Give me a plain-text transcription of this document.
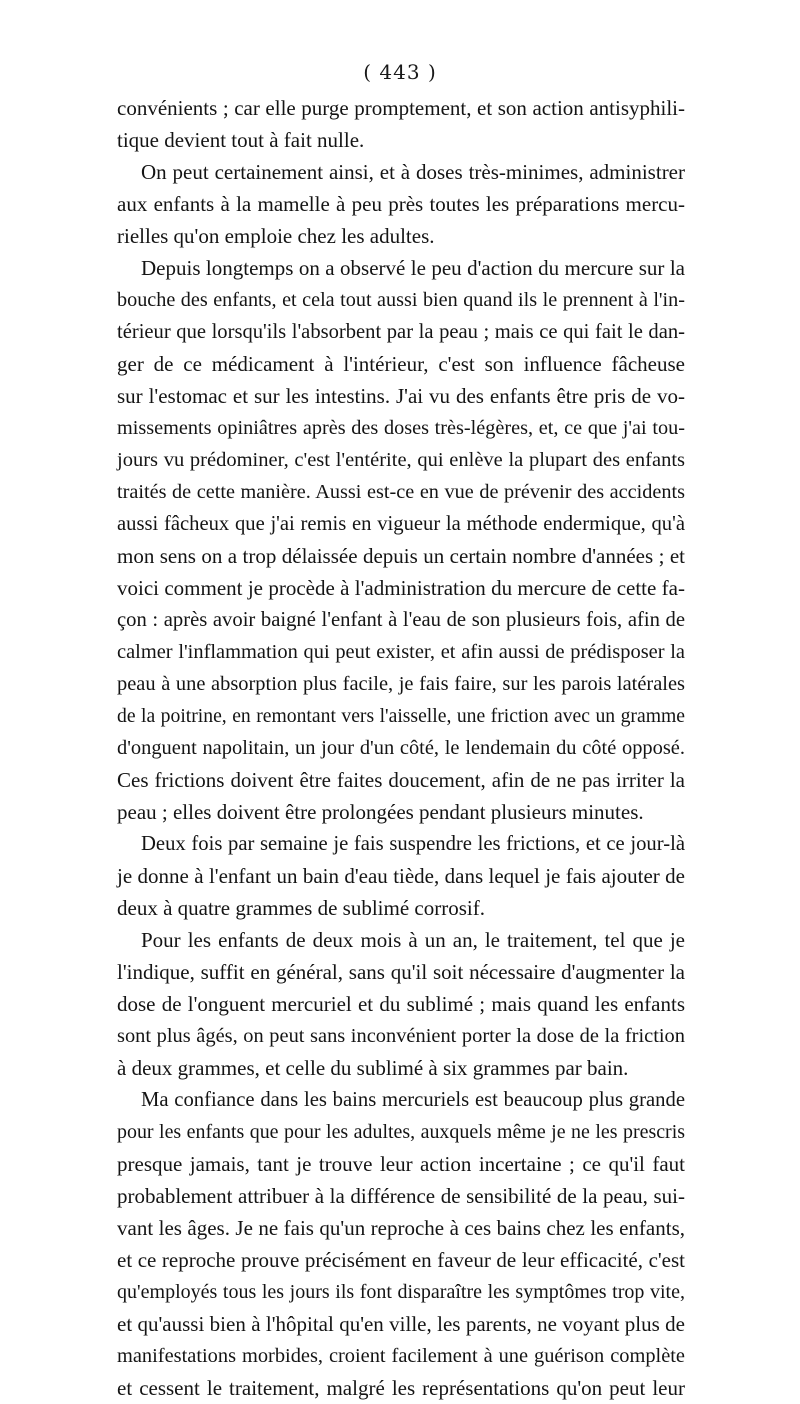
( 443 )
convénients ; car elle purge promptement, et son action antisyphili-
tique devient tout à fait nulle.
On peut certainement ainsi, et à doses très-minimes, administrer
aux enfants à la mamelle à peu près toutes les préparations mercu-
rielles qu'on emploie chez les adultes.
Depuis longtemps on a observé le peu d'action du mercure sur la
bouche des enfants, et cela tout aussi bien quand ils le prennent à l'in-
térieur que lorsqu'ils l'absorbent par la peau ; mais ce qui fait le dan-
ger de ce médicament à l'intérieur, c'est son influence fâcheuse
sur l'estomac et sur les intestins. J'ai vu des enfants être pris de vo-
missements opiniâtres après des doses très-légères, et, ce que j'ai tou-
jours vu prédominer, c'est l'entérite, qui enlève la plupart des enfants
traités de cette manière. Aussi est-ce en vue de prévenir des accidents
aussi fâcheux que j'ai remis en vigueur la méthode endermique, qu'à
mon sens on a trop délaissée depuis un certain nombre d'années ; et
voici comment je procède à l'administration du mercure de cette fa-
çon : après avoir baigné l'enfant à l'eau de son plusieurs fois, afin de
calmer l'inflammation qui peut exister, et afin aussi de prédisposer la
peau à une absorption plus facile, je fais faire, sur les parois latérales
de la poitrine, en remontant vers l'aisselle, une friction avec un gramme
d'onguent napolitain, un jour d'un côté, le lendemain du côté opposé.
Ces frictions doivent être faites doucement, afin de ne pas irriter la
peau ; elles doivent être prolongées pendant plusieurs minutes.
Deux fois par semaine je fais suspendre les frictions, et ce jour-là
je donne à l'enfant un bain d'eau tiède, dans lequel je fais ajouter de
deux à quatre grammes de sublimé corrosif.
Pour les enfants de deux mois à un an, le traitement, tel que je
l'indique, suffit en général, sans qu'il soit nécessaire d'augmenter la
dose de l'onguent mercuriel et du sublimé ; mais quand les enfants
sont plus âgés, on peut sans inconvénient porter la dose de la friction
à deux grammes, et celle du sublimé à six grammes par bain.
Ma confiance dans les bains mercuriels est beaucoup plus grande
pour les enfants que pour les adultes, auxquels même je ne les prescris
presque jamais, tant je trouve leur action incertaine ; ce qu'il faut
probablement attribuer à la différence de sensibilité de la peau, sui-
vant les âges. Je ne fais qu'un reproche à ces bains chez les enfants,
et ce reproche prouve précisément en faveur de leur efficacité, c'est
qu'employés tous les jours ils font disparaître les symptômes trop vite,
et qu'aussi bien à l'hôpital qu'en ville, les parents, ne voyant plus de
manifestations morbides, croient facilement à une guérison complète
et cessent le traitement, malgré les représentations qu'on peut leur
